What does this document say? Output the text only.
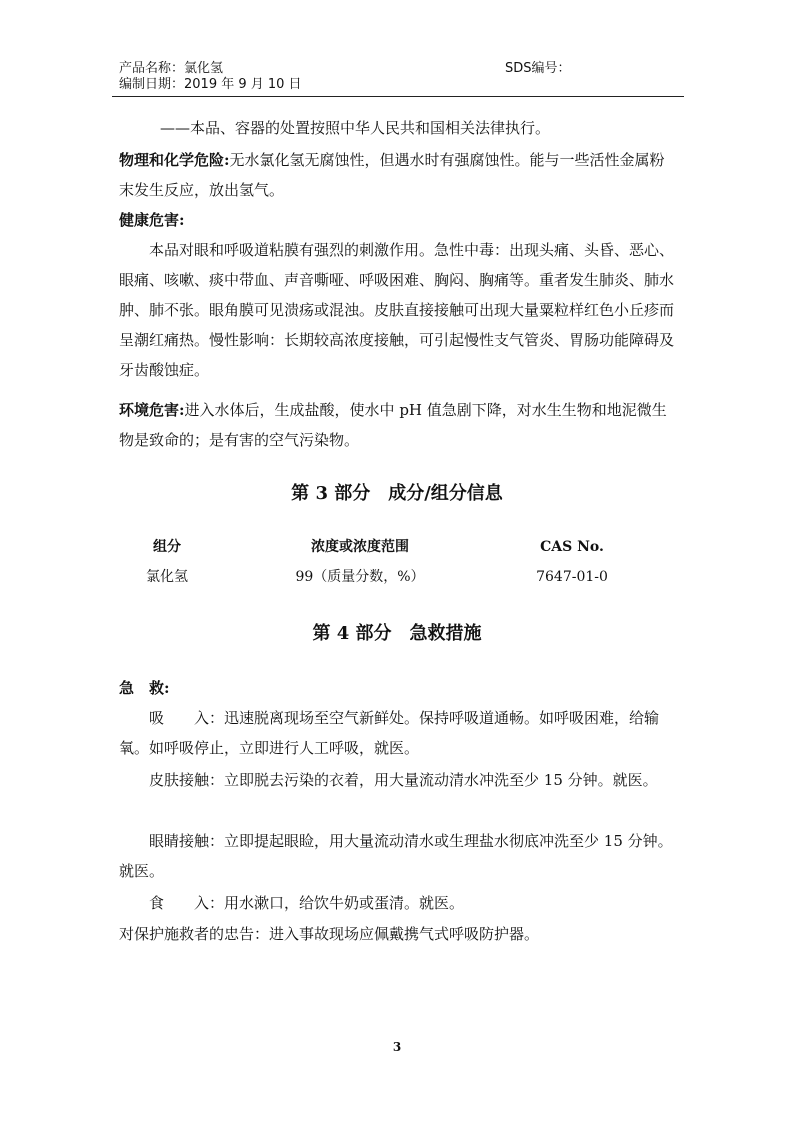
产品名称：氯化氢	SDS编号：
编制日期：2019 年 9 月 10 日
——本品、容器的处置按照中华人民共和国相关法律执行。
物理和化学危险:无水氯化氢无腐蚀性，但遇水时有强腐蚀性。能与一些活性金属粉末发生反应，放出氢气。
健康危害:
本品对眼和呼吸道粘膜有强烈的刺激作用。急性中毒：出现头痛、头昏、恶心、眼痛、咳嗽、痰中带血、声音嘶哑、呼吸困难、胸闷、胸痛等。重者发生肺炎、肺水肿、肺不张。眼角膜可见溃疡或混浊。皮肤直接接触可出现大量粟粒样红色小丘疹而呈潮红痛热。慢性影响：长期较高浓度接触，可引起慢性支气管炎、胃肠功能障碍及牙齿酸蚀症。
环境危害:进入水体后，生成盐酸，使水中 pH 值急剧下降，对水生生物和地泥微生物是致命的；是有害的空气污染物。
第 3 部分　成分/组分信息
组分	浓度或浓度范围	CAS No.
氯化氢	99（质量分数，%）	7647-01-0
第 4 部分　急救措施
急　救:
吸　　入：迅速脱离现场至空气新鲜处。保持呼吸道通畅。如呼吸困难，给输氧。如呼吸停止，立即进行人工呼吸，就医。
皮肤接触：立即脱去污染的衣着，用大量流动清水冲洗至少 15 分钟。就医。
眼睛接触：立即提起眼睑，用大量流动清水或生理盐水彻底冲洗至少 15 分钟。就医。
食　　入：用水漱口，给饮牛奶或蛋清。就医。
对保护施救者的忠告：进入事故现场应佩戴携气式呼吸防护器。
3
